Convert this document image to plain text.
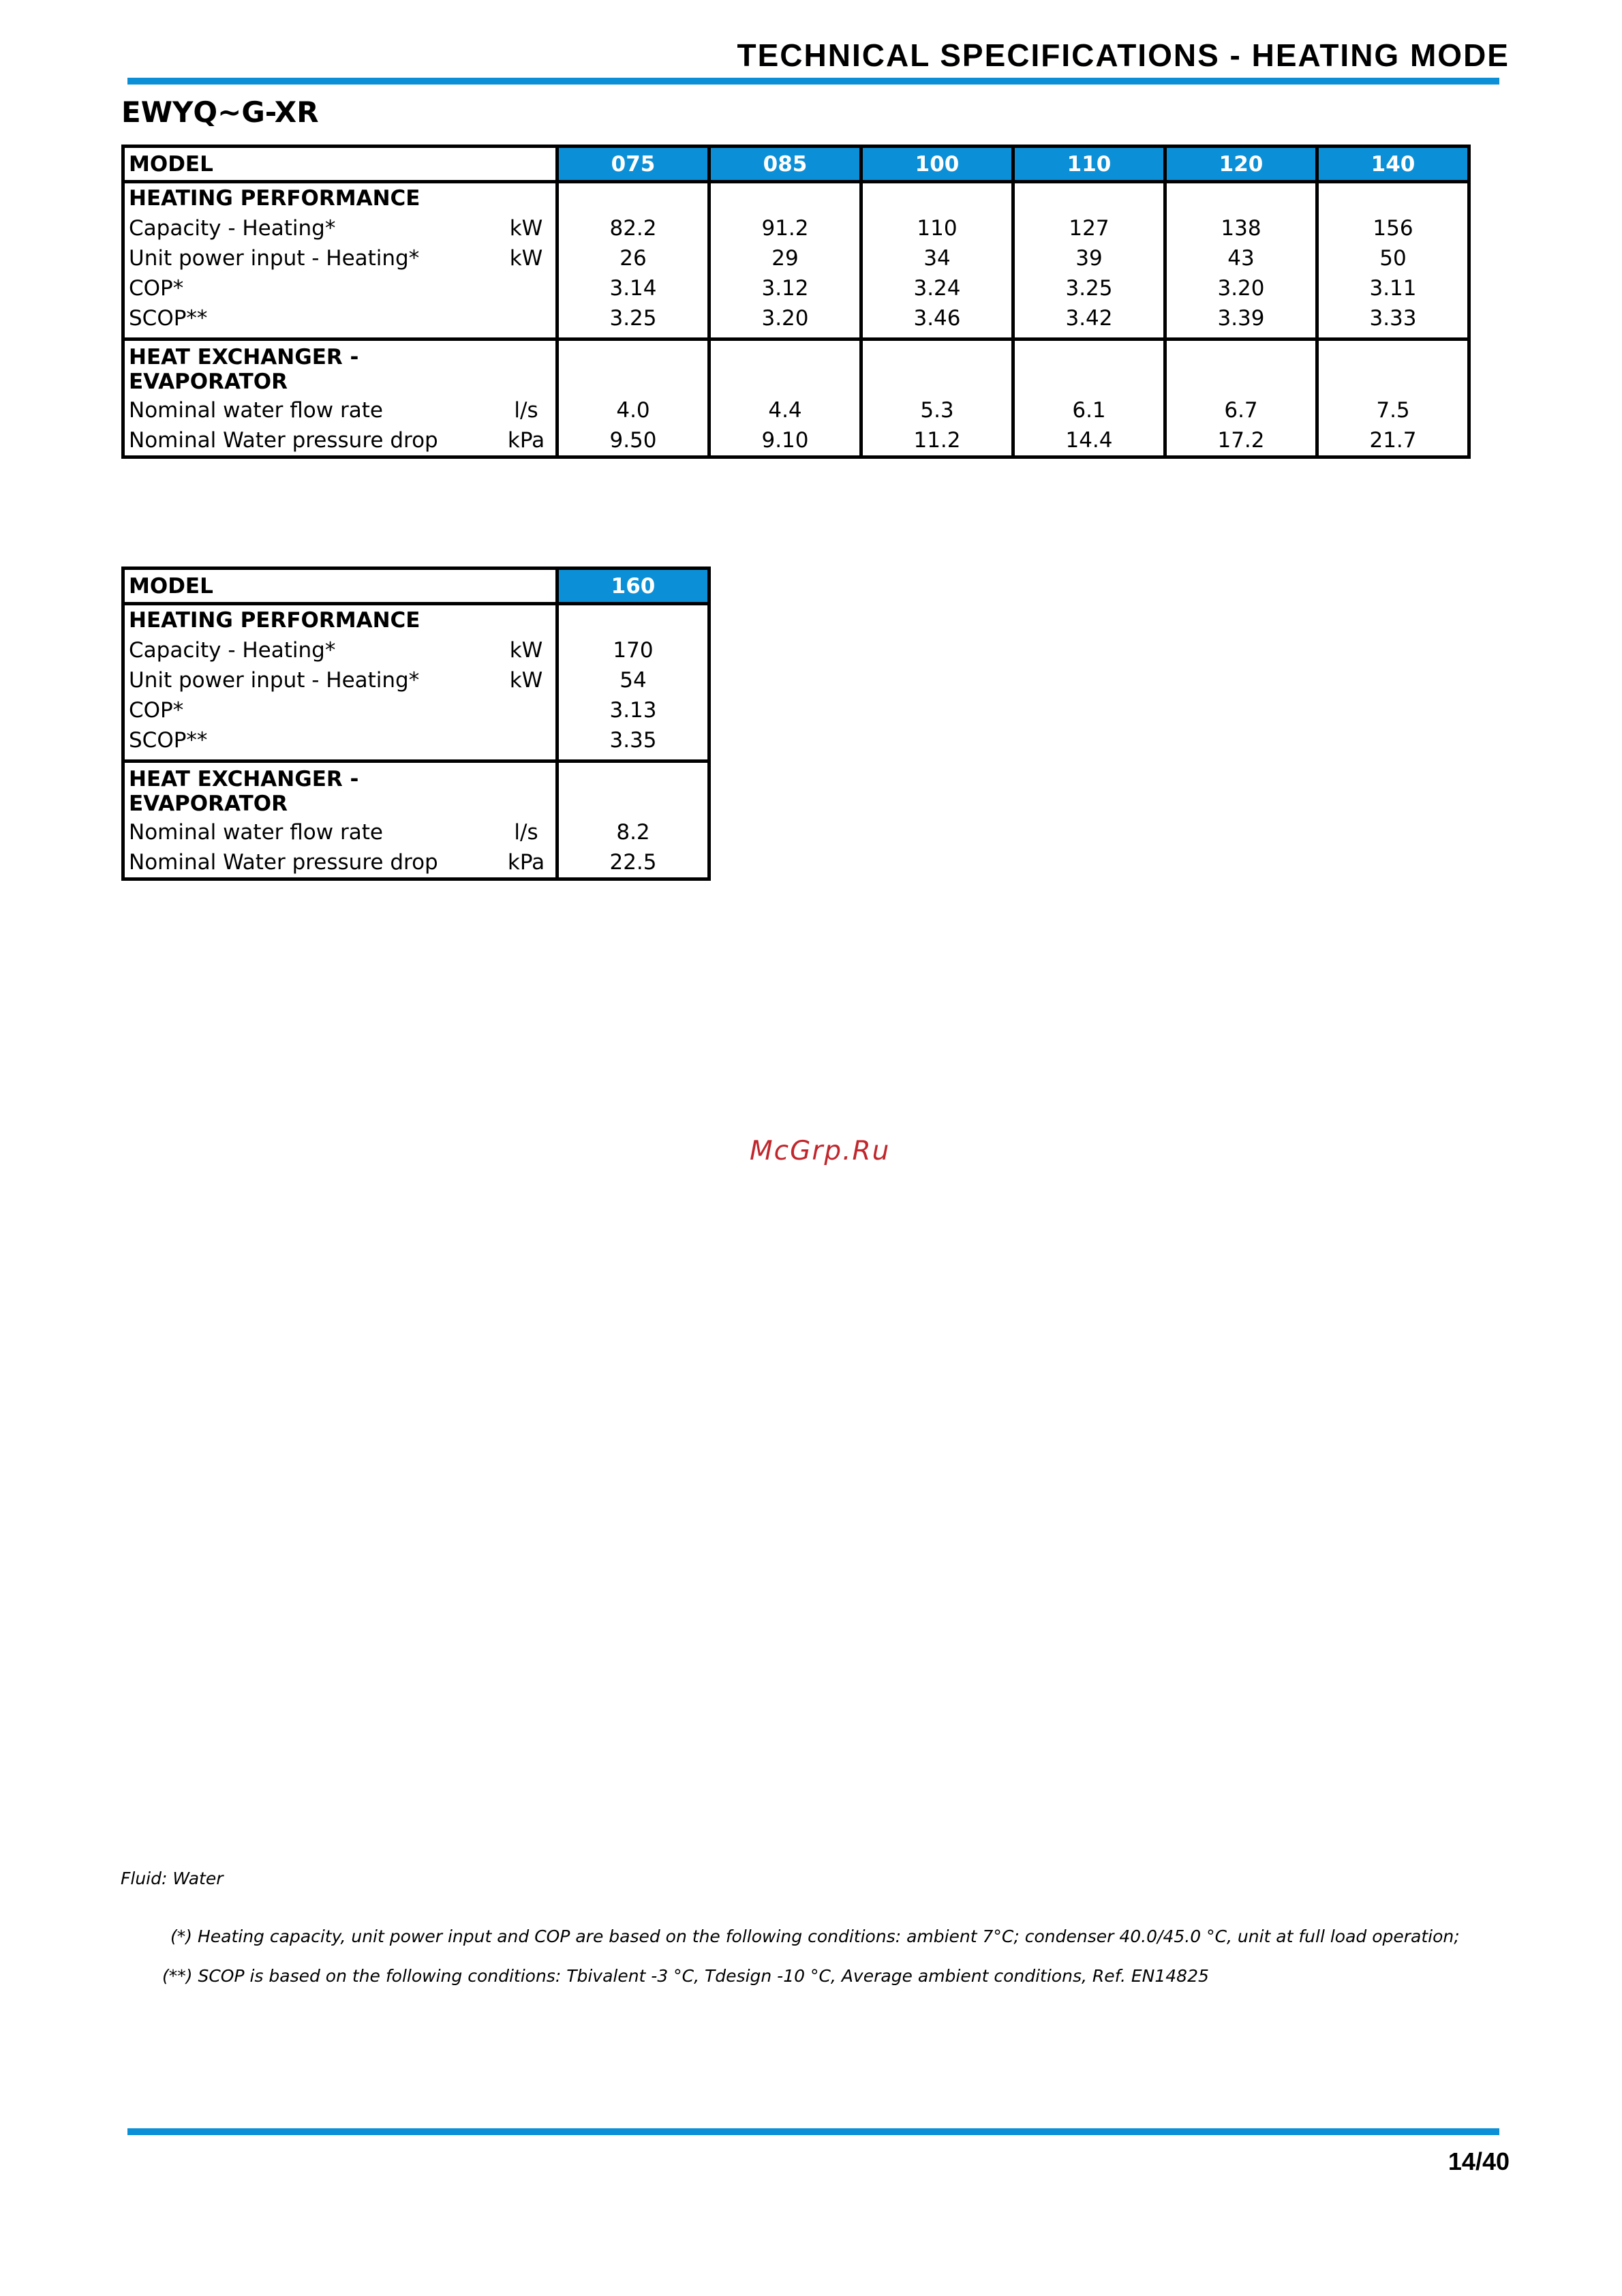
TECHNICAL SPECIFICATIONS - HEATING MODE
EWYQ~G-XR
MODEL		075	085	100	110	120	140
HEATING PERFORMANCE							
Capacity - Heating*	kW	82.2	91.2	110	127	138	156
Unit power input - Heating*	kW	26	29	34	39	43	50
COP*		3.14	3.12	3.24	3.25	3.20	3.11
SCOP**		3.25	3.20	3.46	3.42	3.39	3.33
HEAT EXCHANGER -
EVAPORATOR							
Nominal water flow rate	l/s	4.0	4.4	5.3	6.1	6.7	7.5
Nominal Water pressure drop	kPa	9.50	9.10	11.2	14.4	17.2	21.7
MODEL		160
HEATING PERFORMANCE		
Capacity - Heating*	kW	170
Unit power input - Heating*	kW	54
COP*		3.13
SCOP**		3.35
HEAT EXCHANGER -
EVAPORATOR		
Nominal water flow rate	l/s	8.2
Nominal Water pressure drop	kPa	22.5
McGrp.Ru
Fluid: Water
(*) Heating capacity, unit power input and COP are based on the following conditions: ambient 7°C; condenser 40.0/45.0 °C, unit at full load operation;
(**) SCOP is based on the following conditions: Tbivalent -3 °C, Tdesign -10 °C, Average ambient conditions, Ref. EN14825
14/40
